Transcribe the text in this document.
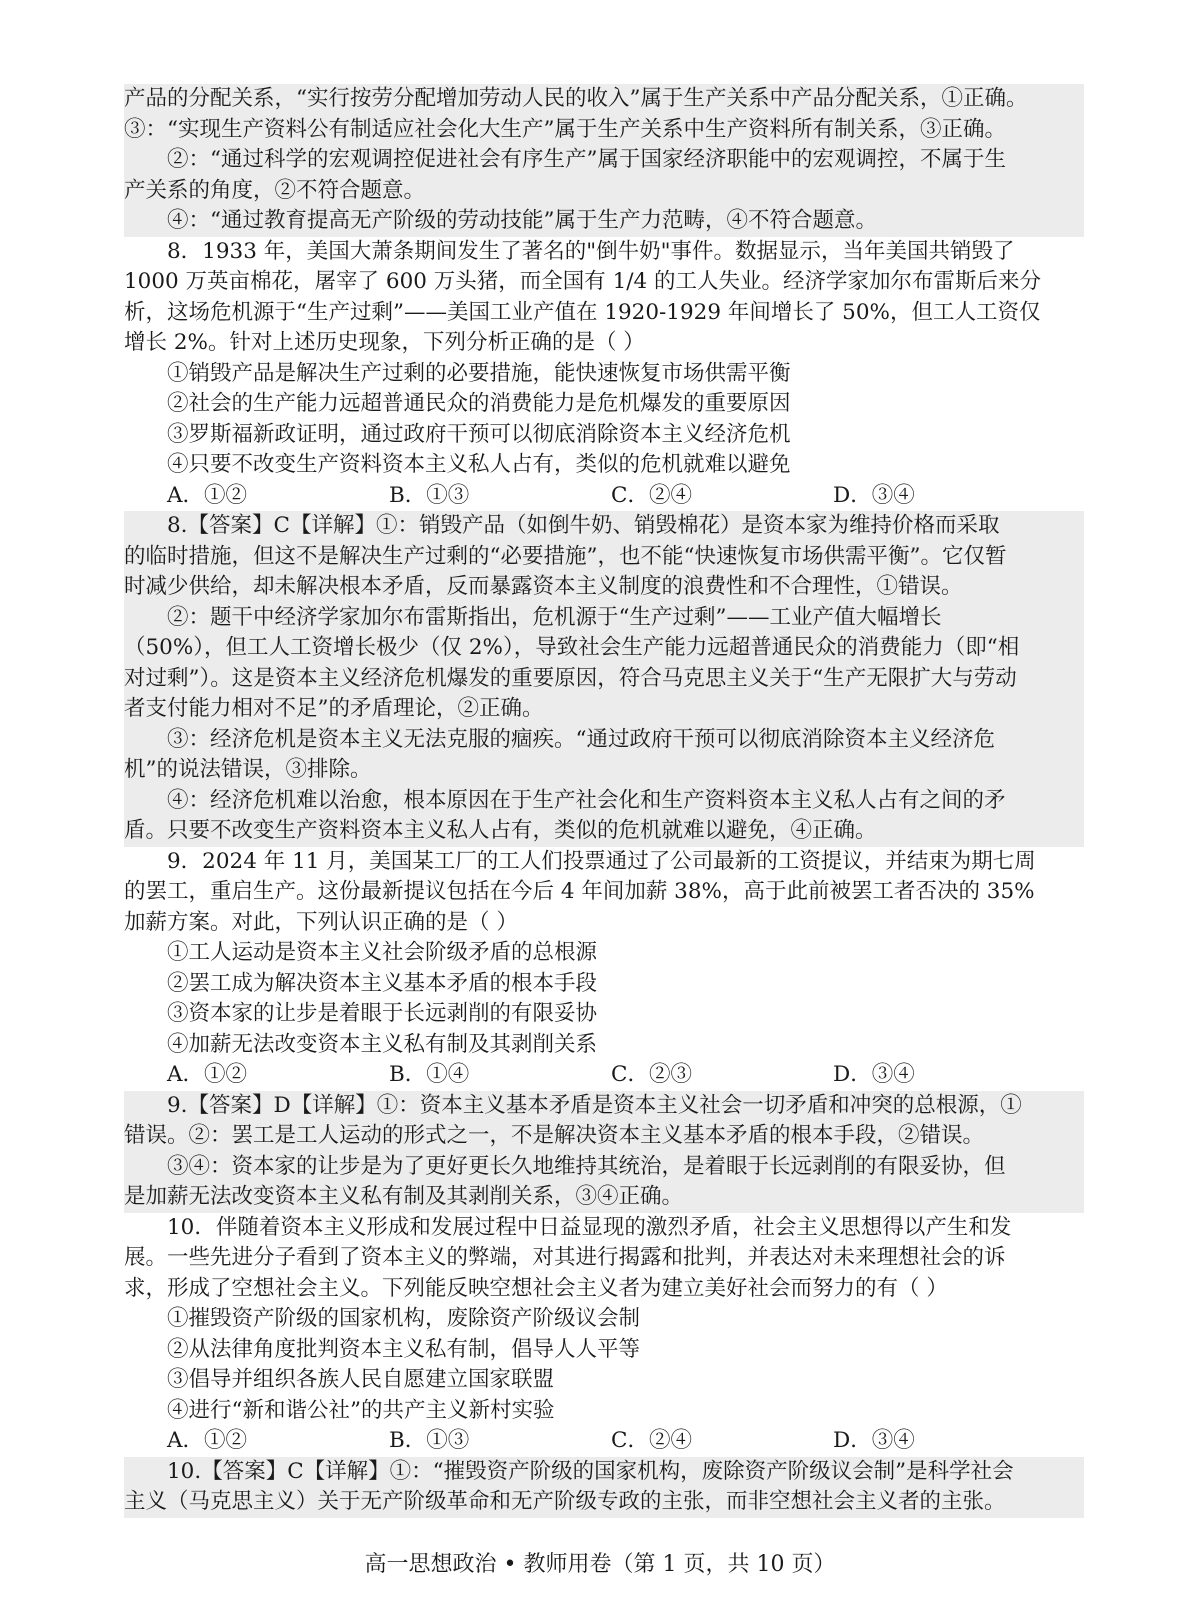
产品的分配关系，“实行按劳分配增加劳动人民的收入”属于生产关系中产品分配关系，①正确。
③：“实现生产资料公有制适应社会化大生产”属于生产关系中生产资料所有制关系，③正确。
②：“通过科学的宏观调控促进社会有序生产”属于国家经济职能中的宏观调控，不属于生
产关系的角度，②不符合题意。
④：“通过教育提高无产阶级的劳动技能”属于生产力范畴，④不符合题意。
8．1933 年，美国大萧条期间发生了著名的"倒牛奶"事件。数据显示，当年美国共销毁了
1000 万英亩棉花，屠宰了 600 万头猪，而全国有 1/4 的工人失业。经济学家加尔布雷斯后来分
析，这场危机源于“生产过剩”——美国工业产值在 1920-1929 年间增长了 50%，但工人工资仅
增长 2%。针对上述历史现象，下列分析正确的是（ ）
①销毁产品是解决生产过剩的必要措施，能快速恢复市场供需平衡
②社会的生产能力远超普通民众的消费能力是危机爆发的重要原因
③罗斯福新政证明，通过政府干预可以彻底消除资本主义经济危机
④只要不改变生产资料资本主义私人占有，类似的危机就难以避免
A．①②	B．①③	C．②④	D．③④
8.【答案】C【详解】①：销毁产品（如倒牛奶、销毁棉花）是资本家为维持价格而采取
的临时措施，但这不是解决生产过剩的“必要措施”，也不能“快速恢复市场供需平衡”。它仅暂
时减少供给，却未解决根本矛盾，反而暴露资本主义制度的浪费性和不合理性，①错误。
②：题干中经济学家加尔布雷斯指出，危机源于“生产过剩”——工业产值大幅增长
（50%），但工人工资增长极少（仅 2%），导致社会生产能力远超普通民众的消费能力（即“相
对过剩”）。这是资本主义经济危机爆发的重要原因，符合马克思主义关于“生产无限扩大与劳动
者支付能力相对不足”的矛盾理论，②正确。
③：经济危机是资本主义无法克服的痼疾。“通过政府干预可以彻底消除资本主义经济危
机”的说法错误，③排除。
④：经济危机难以治愈，根本原因在于生产社会化和生产资料资本主义私人占有之间的矛
盾。只要不改变生产资料资本主义私人占有，类似的危机就难以避免，④正确。
9．2024 年 11 月，美国某工厂的工人们投票通过了公司最新的工资提议，并结束为期七周
的罢工，重启生产。这份最新提议包括在今后 4 年间加薪 38%，高于此前被罢工者否决的 35%
加薪方案。对此，下列认识正确的是（ ）
①工人运动是资本主义社会阶级矛盾的总根源
②罢工成为解决资本主义基本矛盾的根本手段
③资本家的让步是着眼于长远剥削的有限妥协
④加薪无法改变资本主义私有制及其剥削关系
A．①②	B．①④	C．②③	D．③④
9.【答案】D【详解】①：资本主义基本矛盾是资本主义社会一切矛盾和冲突的总根源，①
错误。②：罢工是工人运动的形式之一，不是解决资本主义基本矛盾的根本手段，②错误。
③④：资本家的让步是为了更好更长久地维持其统治，是着眼于长远剥削的有限妥协，但
是加薪无法改变资本主义私有制及其剥削关系，③④正确。
10．伴随着资本主义形成和发展过程中日益显现的激烈矛盾，社会主义思想得以产生和发
展。一些先进分子看到了资本主义的弊端，对其进行揭露和批判，并表达对未来理想社会的诉
求，形成了空想社会主义。下列能反映空想社会主义者为建立美好社会而努力的有（ ）
①摧毁资产阶级的国家机构，废除资产阶级议会制
②从法律角度批判资本主义私有制，倡导人人平等
③倡导并组织各族人民自愿建立国家联盟
④进行“新和谐公社”的共产主义新村实验
A．①②	B．①③	C．②④	D．③④
10.【答案】C【详解】①：“摧毁资产阶级的国家机构，废除资产阶级议会制”是科学社会
主义（马克思主义）关于无产阶级革命和无产阶级专政的主张，而非空想社会主义者的主张。
高一思想政治 • 教师用卷（第 1 页，共 10 页）
